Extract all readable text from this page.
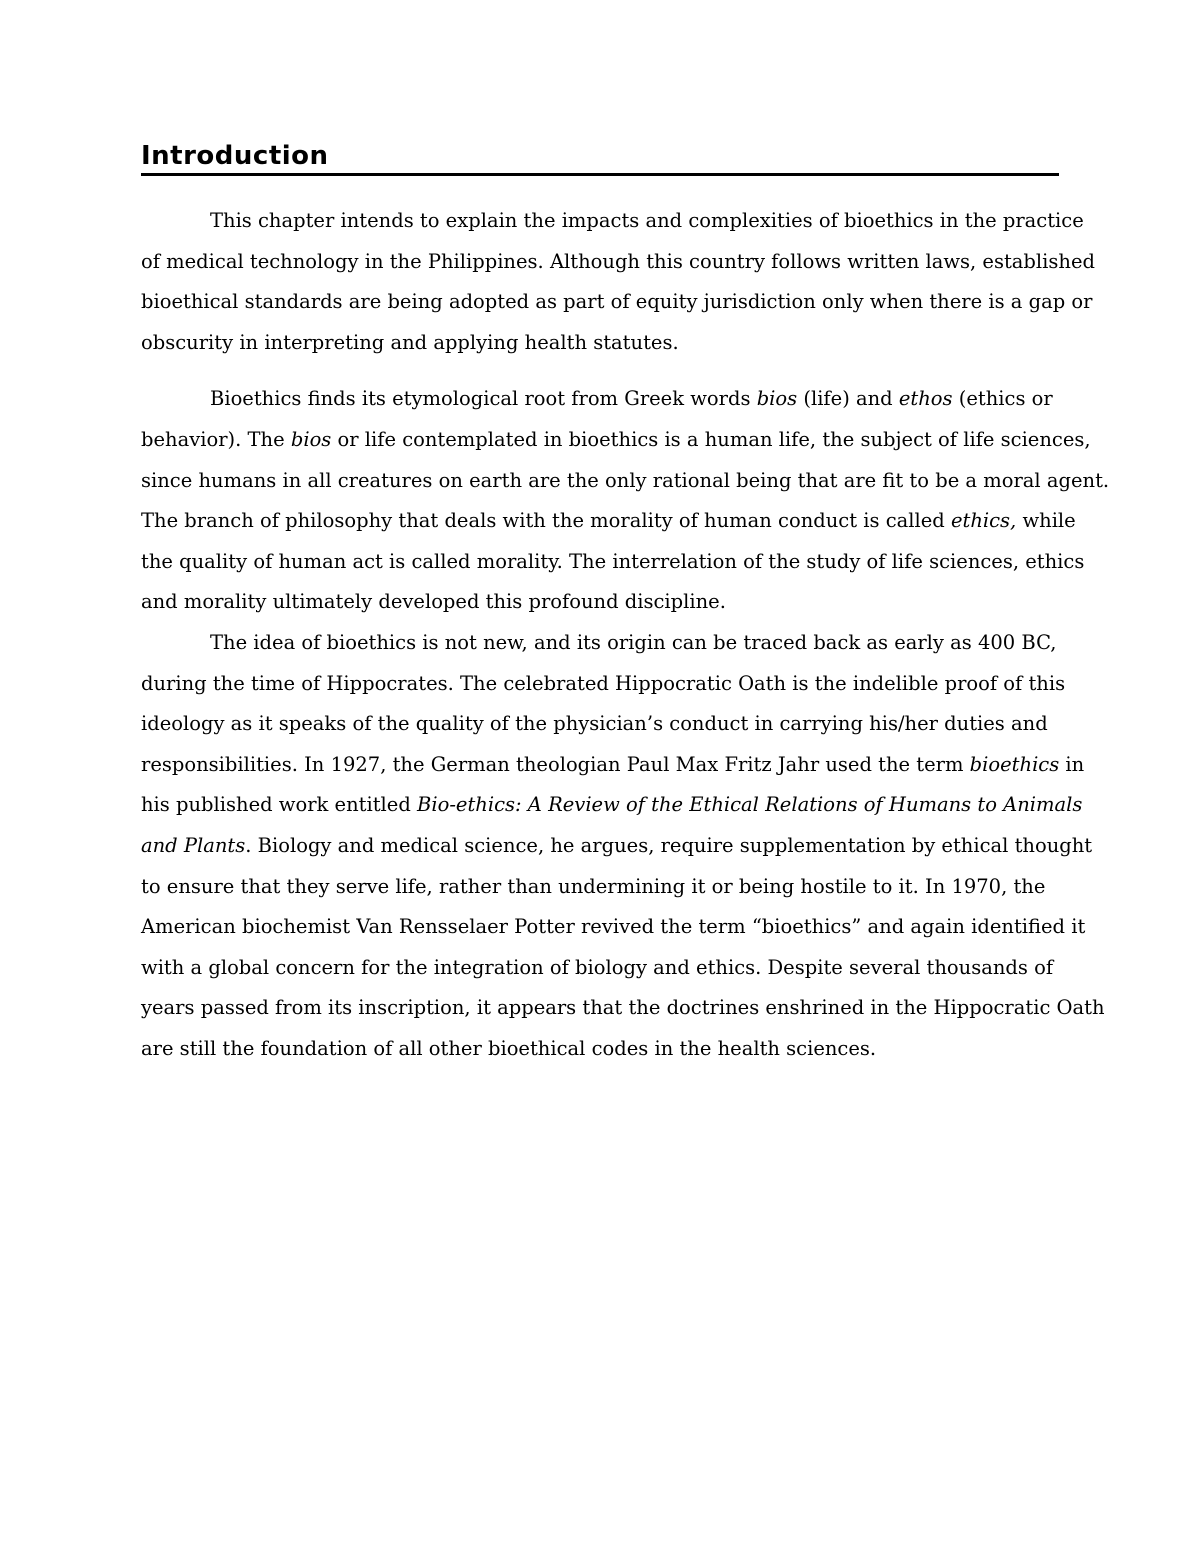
Introduction
This chapter intends to explain the impacts and complexities of bioethics in the practice
of medical technology in the Philippines. Although this country follows written laws, established
bioethical standards are being adopted as part of equity jurisdiction only when there is a gap or
obscurity in interpreting and applying health statutes.
Bioethics finds its etymological root from Greek words bios (life) and ethos (ethics or
behavior). The bios or life contemplated in bioethics is a human life, the subject of life sciences,
since humans in all creatures on earth are the only rational being that are fit to be a moral agent.
The branch of philosophy that deals with the morality of human conduct is called ethics, while
the quality of human act is called morality. The interrelation of the study of life sciences, ethics
and morality ultimately developed this profound discipline.
The idea of bioethics is not new, and its origin can be traced back as early as 400 BC,
during the time of Hippocrates. The celebrated Hippocratic Oath is the indelible proof of this
ideology as it speaks of the quality of the physician’s conduct in carrying his/her duties and
responsibilities. In 1927, the German theologian Paul Max Fritz Jahr used the term bioethics in
his published work entitled Bio-ethics: A Review of the Ethical Relations of Humans to Animals
and Plants. Biology and medical science, he argues, require supplementation by ethical thought
to ensure that they serve life, rather than undermining it or being hostile to it. In 1970, the
American biochemist Van Rensselaer Potter revived the term “bioethics” and again identified it
with a global concern for the integration of biology and ethics. Despite several thousands of
years passed from its inscription, it appears that the doctrines enshrined in the Hippocratic Oath
are still the foundation of all other bioethical codes in the health sciences.
